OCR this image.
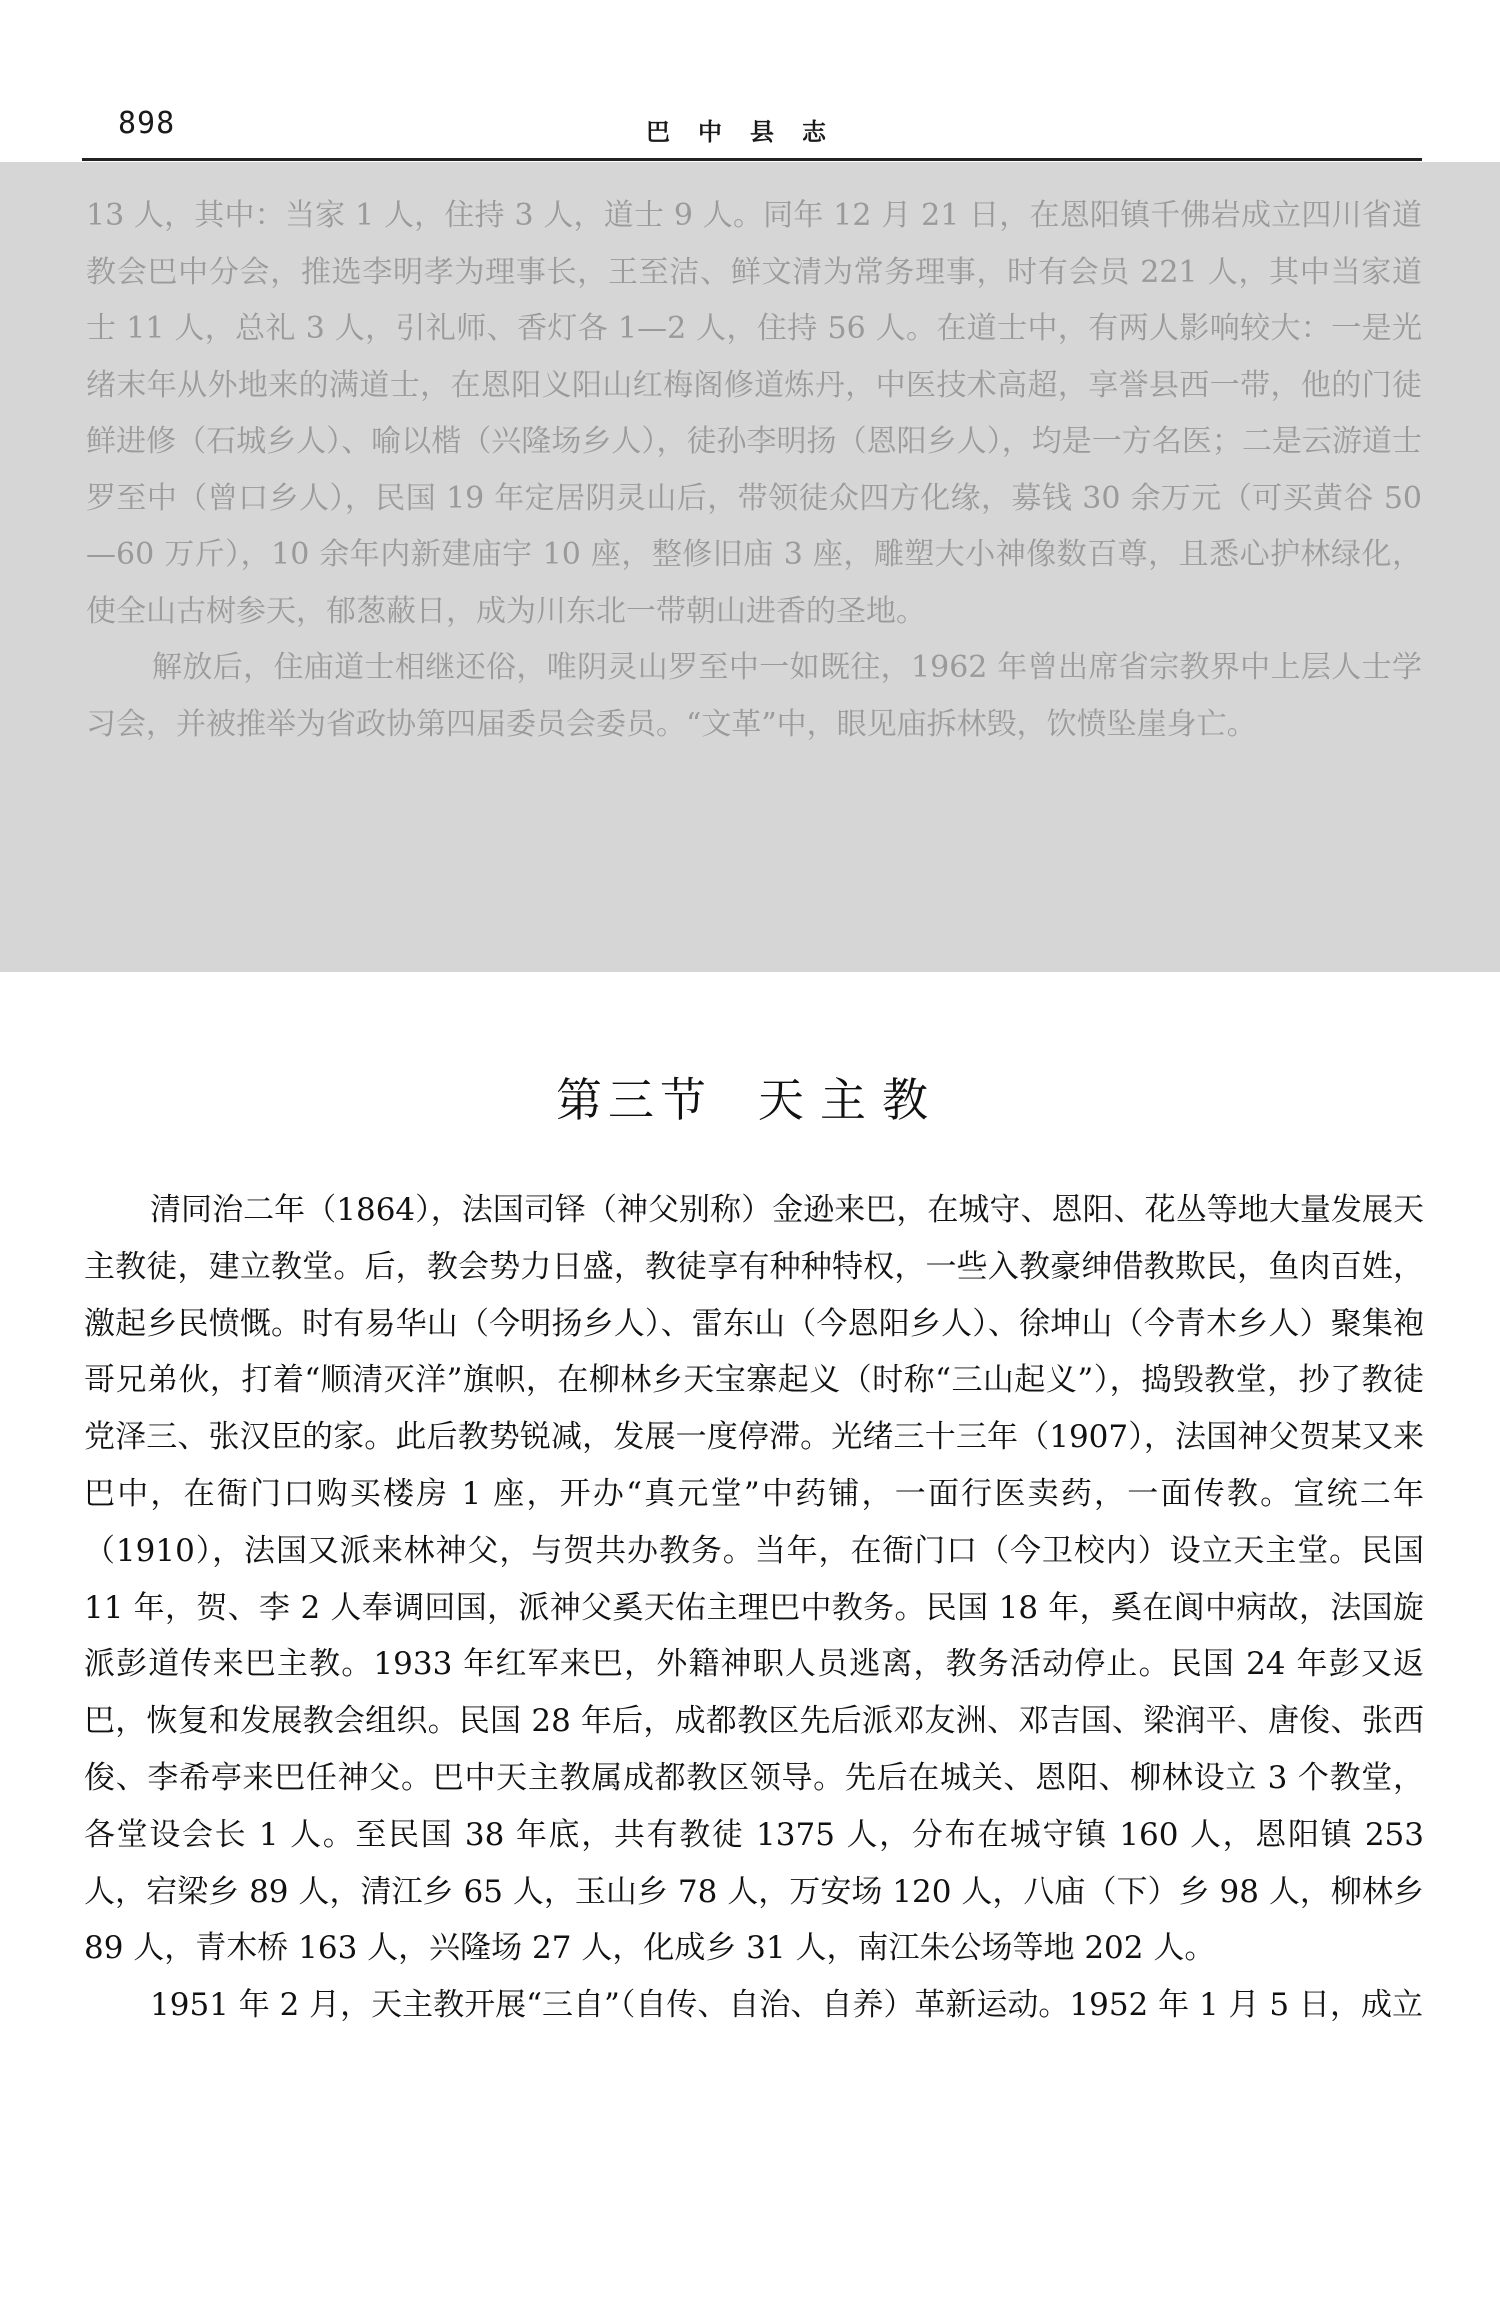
898	巴中县志

13 人，其中：当家 1 人，住持 3 人，道士 9 人。同年 12 月 21 日，在恩阳镇千佛岩成立四川省道教会巴中分会，推选李明孝为理事长，王至洁、鲜文清为常务理事，时有会员 221 人，其中当家道士 11 人，总礼 3 人，引礼师、香灯各 1—2 人，住持 56 人。在道士中，有两人影响较大：一是光绪末年从外地来的满道士，在恩阳义阳山红梅阁修道炼丹，中医技术高超，享誉县西一带，他的门徒鲜进修（石城乡人）、喻以楷（兴隆场乡人），徒孙李明扬（恩阳乡人），均是一方名医；二是云游道士罗至中（曾口乡人），民国 19 年定居阴灵山后，带领徒众四方化缘，募钱 30 余万元（可买黄谷 50—60 万斤），10 余年内新建庙宇 10 座，整修旧庙 3 座，雕塑大小神像数百尊，且悉心护林绿化，使全山古树参天，郁葱蔽日，成为川东北一带朝山进香的圣地。

解放后，住庙道士相继还俗，唯阴灵山罗至中一如既往，1962 年曾出席省宗教界中上层人士学习会，并被推举为省政协第四届委员会委员。“文革”中，眼见庙拆林毁，饮愤坠崖身亡。

第三节 天主教

清同治二年（1864），法国司铎（神父别称）金逊来巴，在城守、恩阳、花丛等地大量发展天主教徒，建立教堂。后，教会势力日盛，教徒享有种种特权，一些入教豪绅借教欺民，鱼肉百姓，激起乡民愤慨。时有易华山（今明扬乡人）、雷东山（今恩阳乡人）、徐坤山（今青木乡人）聚集袍哥兄弟伙，打着“顺清灭洋”旗帜，在柳林乡天宝寨起义（时称“三山起义”），捣毁教堂，抄了教徒党泽三、张汉臣的家。此后教势锐减，发展一度停滞。光绪三十三年（1907），法国神父贺某又来巴中，在衙门口购买楼房 1 座，开办“真元堂”中药铺，一面行医卖药，一面传教。宣统二年（1910），法国又派来林神父，与贺共办教务。当年，在衙门口（今卫校内）设立天主堂。民国 11 年，贺、李 2 人奉调回国，派神父奚天佑主理巴中教务。民国 18 年，奚在阆中病故，法国旋派彭道传来巴主教。1933 年红军来巴，外籍神职人员逃离，教务活动停止。民国 24 年彭又返巴，恢复和发展教会组织。民国 28 年后，成都教区先后派邓友洲、邓吉国、梁润平、唐俊、张西俊、李希亭来巴任神父。巴中天主教属成都教区领导。先后在城关、恩阳、柳林设立 3 个教堂，各堂设会长 1 人。至民国 38 年底，共有教徒 1375 人，分布在城守镇 160 人，恩阳镇 253 人，宕梁乡 89 人，清江乡 65 人，玉山乡 78 人，万安场 120 人，八庙（下）乡 98 人，柳林乡 89 人，青木桥 163 人，兴隆场 27 人，化成乡 31 人，南江朱公场等地 202 人。

1951 年 2 月，天主教开展“三自”（自传、自治、自养）革新运动。1952 年 1 月 5 日，成立
